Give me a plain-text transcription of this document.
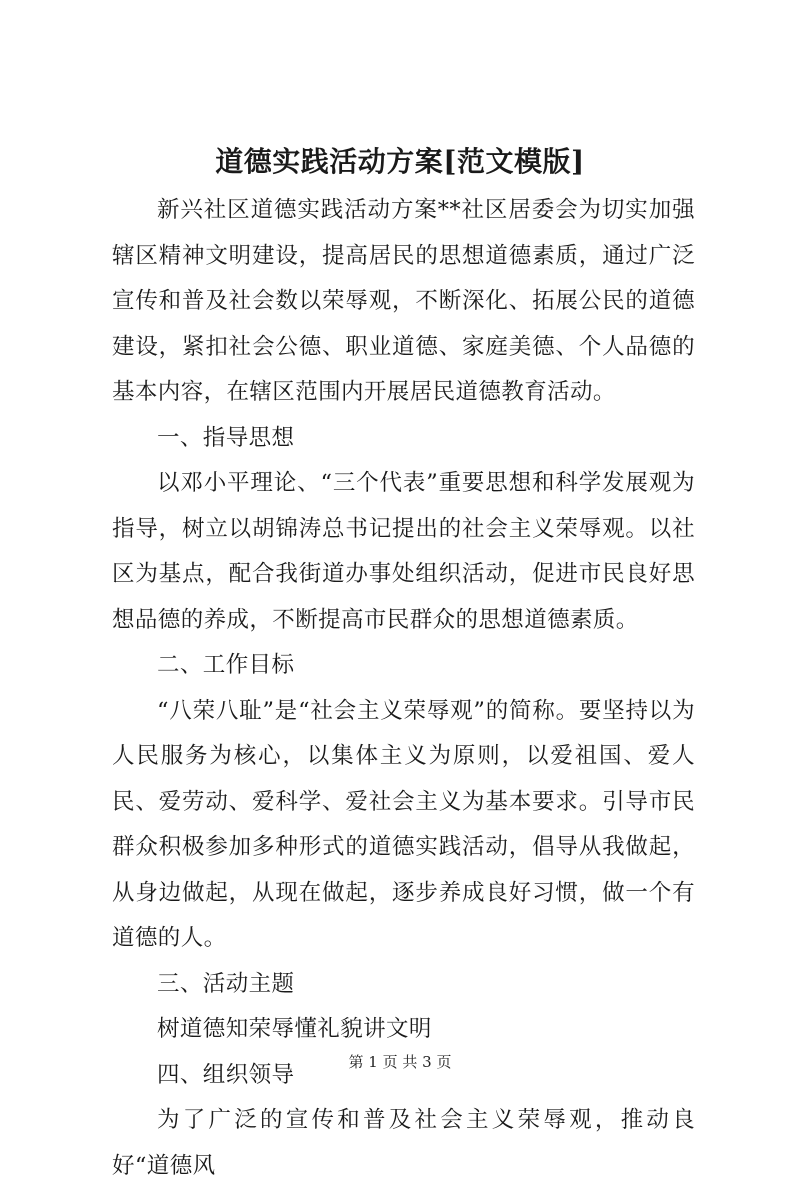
道德实践活动方案[范文模版]

新兴社区道德实践活动方案**社区居委会为切实加强辖区精神文明建设，提高居民的思想道德素质，通过广泛宣传和普及社会数以荣辱观，不断深化、拓展公民的道德建设，紧扣社会公德、职业道德、家庭美德、个人品德的基本内容，在辖区范围内开展居民道德教育活动。

一、指导思想

以邓小平理论、“三个代表”重要思想和科学发展观为指导，树立以胡锦涛总书记提出的社会主义荣辱观。以社区为基点，配合我街道办事处组织活动，促进市民良好思想品德的养成，不断提高市民群众的思想道德素质。

二、工作目标

“八荣八耻”是“社会主义荣辱观”的简称。要坚持以为人民服务为核心，以集体主义为原则，以爱祖国、爱人民、爱劳动、爱科学、爱社会主义为基本要求。引导市民群众积极参加多种形式的道德实践活动，倡导从我做起，从身边做起，从现在做起，逐步养成良好习惯，做一个有道德的人。

三、活动主题

树道德知荣辱懂礼貌讲文明

四、组织领导

为了广泛的宣传和普及社会主义荣辱观，推动良好“道德风

第 1 页 共 3 页
